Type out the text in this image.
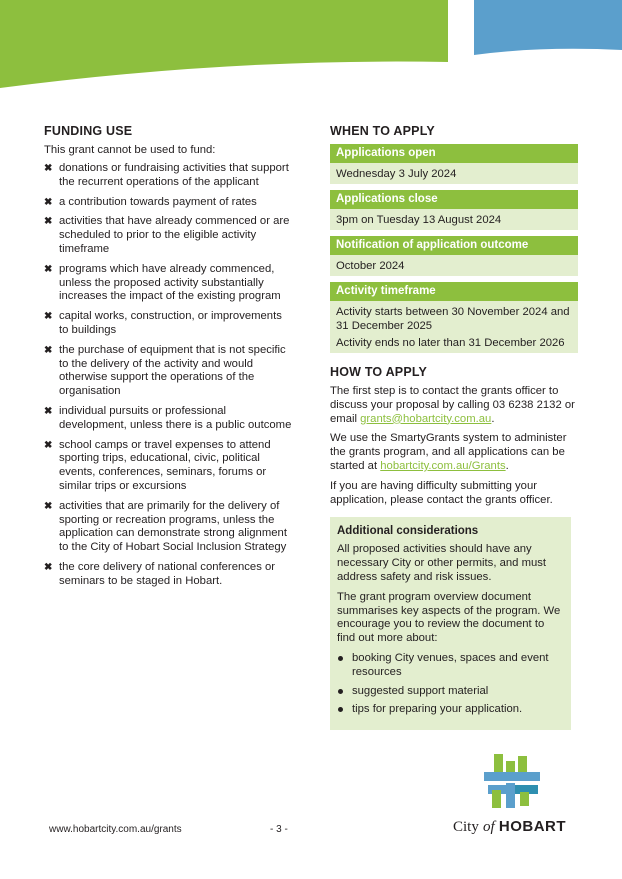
FUNDING USE
This grant cannot be used to fund:
✖ donations or fundraising activities that support the recurrent operations of the applicant
✖ a contribution towards payment of rates
✖ activities that have already commenced or are scheduled to prior to the eligible activity timeframe
✖ programs which have already commenced, unless the proposed activity substantially increases the impact of the existing program
✖ capital works, construction, or improvements to buildings
✖ the purchase of equipment that is not specific to the delivery of the activity and would otherwise support the operations of the organisation
✖ individual pursuits or professional development, unless there is a public outcome
✖ school camps or travel expenses to attend sporting trips, educational, civic, political events, conferences, seminars, forums or similar trips or excursions
✖ activities that are primarily for the delivery of sporting or recreation programs, unless the application can demonstrate strong alignment to the City of Hobart Social Inclusion Strategy
✖ the core delivery of national conferences or seminars to be staged in Hobart.
WHEN TO APPLY
Applications open
Wednesday 3 July 2024
Applications close
3pm on Tuesday 13 August 2024
Notification of application outcome
October 2024
Activity timeframe
Activity starts between 30 November 2024 and 31 December 2025
Activity ends no later than 31 December 2026
HOW TO APPLY

The first step is to contact the grants officer to discuss your proposal by calling 03 6238 2132 or email grants@hobartcity.com.au.

We use the SmartyGrants system to administer the grants program, and all applications can be started at hobartcity.com.au/Grants.

If you are having difficulty submitting your application, please contact the grants officer.

Additional considerations

All proposed activities should have any necessary City or other permits, and must address safety and risk issues.

The grant program overview document summarises key aspects of the program. We encourage you to review the document to find out more about:

booking City venues, spaces and event resources
suggested support material
tips for preparing your application.
www.hobartcity.com.au/grants	- 3 -	City of HOBART
